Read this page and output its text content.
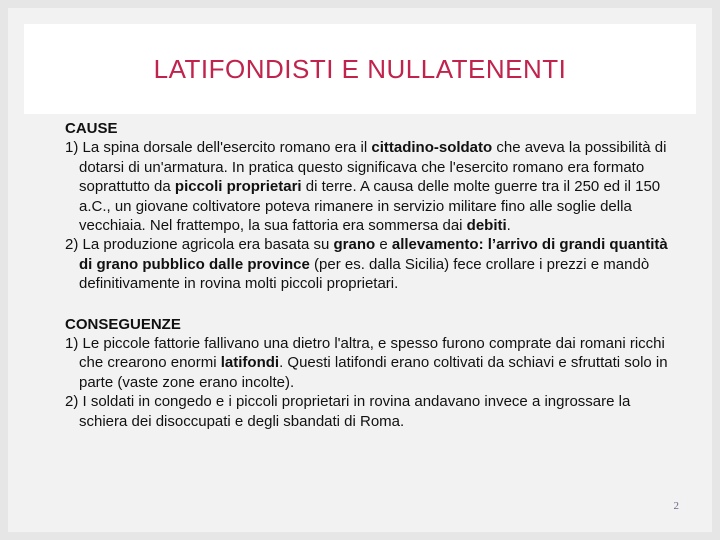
LATIFONDISTI E NULLATENENTI
CAUSE
1) La spina dorsale dell'esercito romano era il cittadino-soldato che aveva la possibilità di dotarsi di un'armatura. In pratica questo significava che l'esercito romano era formato soprattutto da piccoli proprietari di terre. A causa delle molte guerre tra il 250 ed il 150 a.C., un giovane coltivatore poteva rimanere in servizio militare fino alle soglie della vecchiaia. Nel frattempo, la sua fattoria era sommersa dai debiti.
2) La produzione agricola era basata su grano e allevamento: l’arrivo di grandi quantità di grano pubblico dalle province (per es. dalla Sicilia) fece crollare i prezzi e mandò definitivamente in rovina molti piccoli proprietari.
CONSEGUENZE
1) Le piccole fattorie fallivano una dietro l'altra, e spesso furono comprate dai romani ricchi che crearono enormi latifondi. Questi latifondi erano coltivati da schiavi e sfruttati solo in parte (vaste zone erano incolte).
2) I soldati in congedo e i piccoli proprietari in rovina andavano invece a ingrossare la schiera dei disoccupati e degli sbandati di Roma.
2
